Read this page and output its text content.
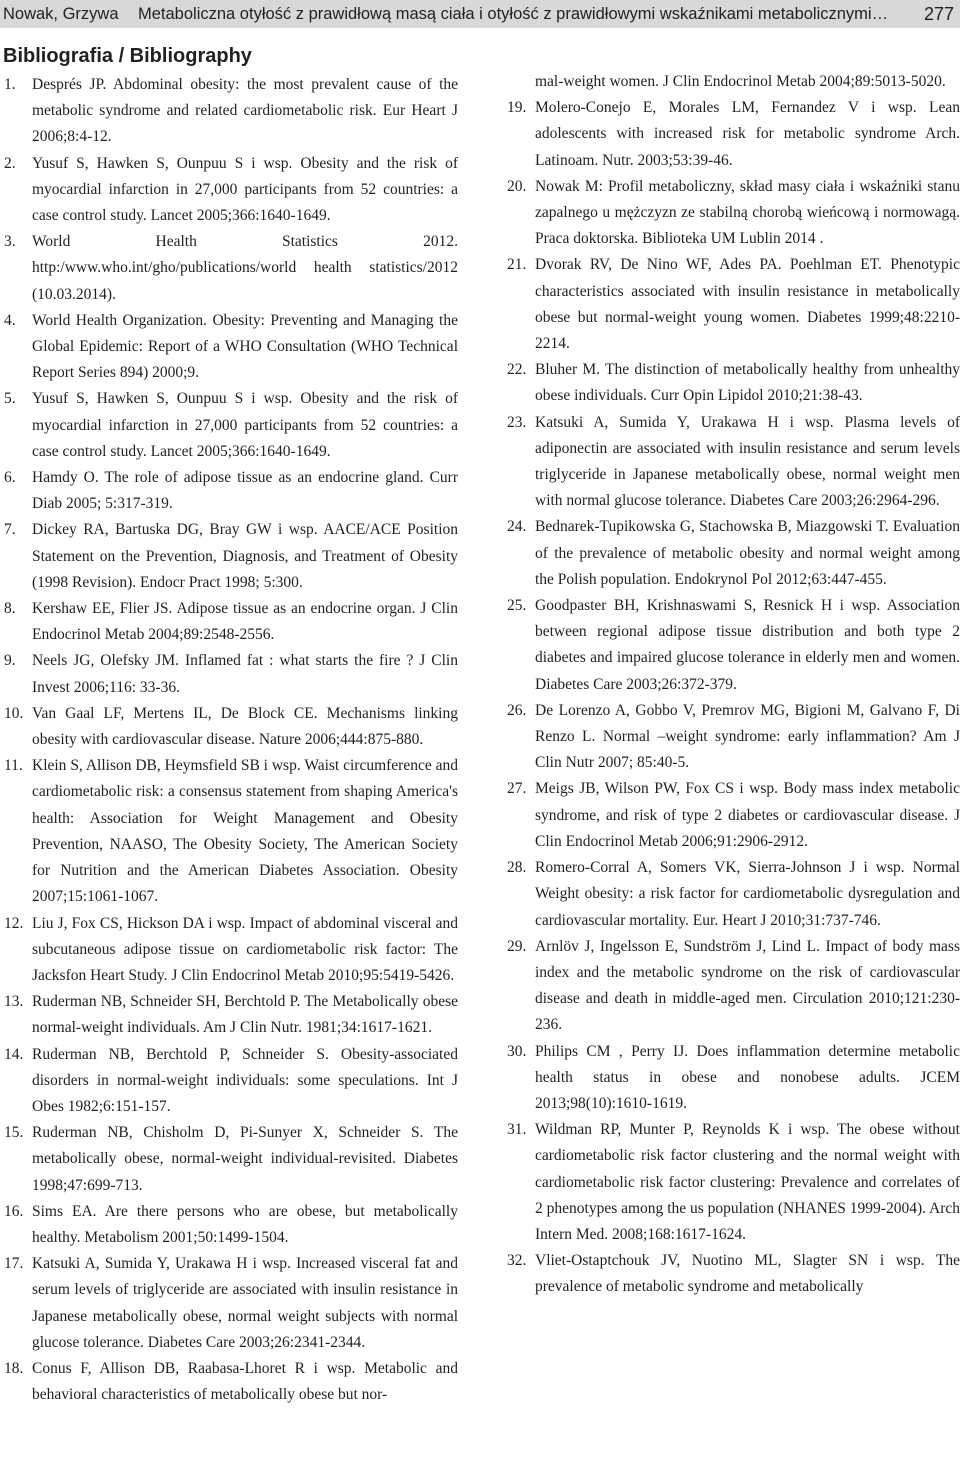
Nowak, Grzywa Metaboliczna otyłość z prawidłową masą ciała i otyłość z prawidłowymi wskaźnikami metabolicznymi… 277
Bibliografia / Bibliography
1. Després JP. Abdominal obesity: the most prevalent cause of the metabolic syndrome and related cardiometabolic risk. Eur Heart J 2006;8:4-12.
2. Yusuf S, Hawken S, Ounpuu S i wsp. Obesity and the risk of myocardial infarction in 27,000 participants from 52 countries: a case control study. Lancet 2005;366:1640-1649.
3. World Health Statistics 2012. http:/www.who.int/gho/publications/world health statistics/2012 (10.03.2014).
4. World Health Organization. Obesity: Preventing and Managing the Global Epidemic: Report of a WHO Consultation (WHO Technical Report Series 894) 2000;9.
5. Yusuf S, Hawken S, Ounpuu S i wsp. Obesity and the risk of myocardial infarction in 27,000 participants from 52 countries: a case control study. Lancet 2005;366:1640-1649.
6. Hamdy O. The role of adipose tissue as an endocrine gland. Curr Diab 2005; 5:317-319.
7. Dickey RA, Bartuska DG, Bray GW i wsp. AACE/ACE Position Statement on the Prevention, Diagnosis, and Treatment of Obesity (1998 Revision). Endocr Pract 1998; 5:300.
8. Kershaw EE, Flier JS. Adipose tissue as an endocrine organ. J Clin Endocrinol Metab 2004;89:2548-2556.
9. Neels JG, Olefsky JM. Inflamed fat : what starts the fire ? J Clin Invest 2006;116: 33-36.
10. Van Gaal LF, Mertens IL, De Block CE. Mechanisms linking obesity with cardiovascular disease. Nature 2006;444:875-880.
11. Klein S, Allison DB, Heymsfield SB i wsp. Waist circumference and cardiometabolic risk: a consensus statement from shaping America's health: Association for Weight Management and Obesity Prevention, NAASO, The Obesity Society, The American Society for Nutrition and the American Diabetes Association. Obesity 2007;15:1061-1067.
12. Liu J, Fox CS, Hickson DA i wsp. Impact of abdominal visceral and subcutaneous adipose tissue on cardiometabolic risk factor: The Jacksfon Heart Study. J Clin Endocrinol Metab 2010;95:5419-5426.
13. Ruderman NB, Schneider SH, Berchtold P. The Metabolically obese normal-weight individuals. Am J Clin Nutr. 1981;34:1617-1621.
14. Ruderman NB, Berchtold P, Schneider S. Obesity-associated disorders in normal-weight individuals: some speculations. Int J Obes 1982;6:151-157.
15. Ruderman NB, Chisholm D, Pi-Sunyer X, Schneider S. The metabolically obese, normal-weight individual-revisited. Diabetes 1998;47:699-713.
16. Sims EA. Are there persons who are obese, but metabolically healthy. Metabolism 2001;50:1499-1504.
17. Katsuki A, Sumida Y, Urakawa H i wsp. Increased visceral fat and serum levels of triglyceride are associated with insulin resistance in Japanese metabolically obese, normal weight subjects with normal glucose tolerance. Diabetes Care 2003;26:2341-2344.
18. Conus F, Allison DB, Raabasa-Lhoret R i wsp. Metabolic and behavioral characteristics of metabolically obese but nor-
mal-weight women. J Clin Endocrinol Metab 2004;89:5013-5020.
19. Molero-Conejo E, Morales LM, Fernandez V i wsp. Lean adolescents with increased risk for metabolic syndrome Arch. Latinoam. Nutr. 2003;53:39-46.
20. Nowak M: Profil metaboliczny, skład masy ciała i wskaźniki stanu zapalnego u mężczyzn ze stabilną chorobą wieńcową i normowagą. Praca doktorska. Biblioteka UM Lublin 2014 .
21. Dvorak RV, De Nino WF, Ades PA. Poehlman ET. Phenotypic characteristics associated with insulin resistance in metabolically obese but normal-weight young women. Diabetes 1999;48:2210-2214.
22. Bluher M. The distinction of metabolically healthy from unhealthy obese individuals. Curr Opin Lipidol 2010;21:38-43.
23. Katsuki A, Sumida Y, Urakawa H i wsp. Plasma levels of adiponectin are associated with insulin resistance and serum levels triglyceride in Japanese metabolically obese, normal weight men with normal glucose tolerance. Diabetes Care 2003;26:2964-296.
24. Bednarek-Tupikowska G, Stachowska B, Miazgowski T. Evaluation of the prevalence of metabolic obesity and normal weight among the Polish population. Endokrynol Pol 2012;63:447-455.
25. Goodpaster BH, Krishnaswami S, Resnick H i wsp. Association between regional adipose tissue distribution and both type 2 diabetes and impaired glucose tolerance in elderly men and women. Diabetes Care 2003;26:372-379.
26. De Lorenzo A, Gobbo V, Premrov MG, Bigioni M, Galvano F, Di Renzo L. Normal –weight syndrome: early inflammation? Am J Clin Nutr 2007; 85:40-5.
27. Meigs JB, Wilson PW, Fox CS i wsp. Body mass index metabolic syndrome, and risk of type 2 diabetes or cardiovascular disease. J Clin Endocrinol Metab 2006;91:2906-2912.
28. Romero-Corral A, Somers VK, Sierra-Johnson J i wsp. Normal Weight obesity: a risk factor for cardiometabolic dysregulation and cardiovascular mortality. Eur. Heart J 2010;31:737-746.
29. Arnlöv J, Ingelsson E, Sundström J, Lind L. Impact of body mass index and the metabolic syndrome on the risk of cardiovascular disease and death in middle-aged men. Circulation 2010;121:230-236.
30. Philips CM , Perry IJ. Does inflammation determine metabolic health status in obese and nonobese adults. JCEM 2013;98(10):1610-1619.
31. Wildman RP, Munter P, Reynolds K i wsp. The obese without cardiometabolic risk factor clustering and the normal weight with cardiometabolic risk factor clustering: Prevalence and correlates of 2 phenotypes among the us population (NHANES 1999-2004). Arch Intern Med. 2008;168:1617-1624.
32. Vliet-Ostaptchouk JV, Nuotino ML, Slagter SN i wsp. The prevalence of metabolic syndrome and metabolically
